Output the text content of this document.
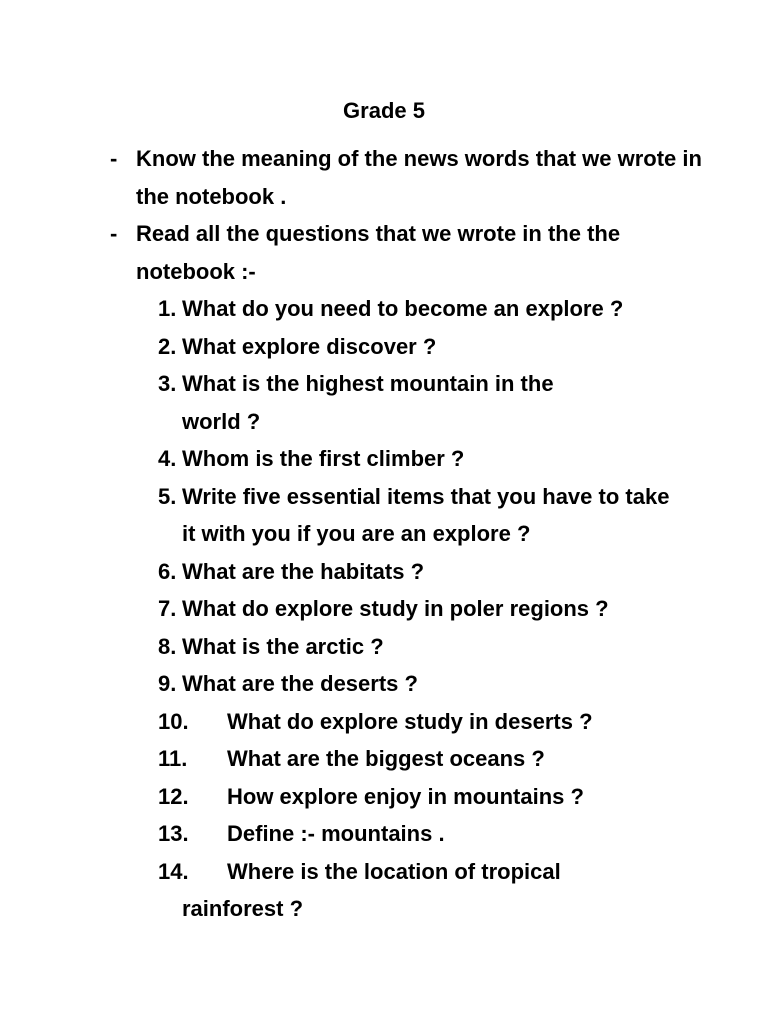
Grade 5
- Know the meaning of the news words that we wrote in the notebook .
- Read all the questions that we wrote in the the notebook :-
1. What do you need to become an explore ?
2. What explore discover ?
3. What is the highest mountain in the world ?
4. Whom is the first climber ?
5. Write five essential items that you have to take it with you if you are an explore ?
6. What are the habitats ?
7. What do explore study in poler regions ?
8. What is the arctic ?
9. What are the deserts ?
10.	What do explore study in deserts ?
11.	What are the biggest oceans ?
12.	How explore enjoy in mountains ?
13.	Define :- mountains .
14.	Where is the location of tropical rainforest ?
